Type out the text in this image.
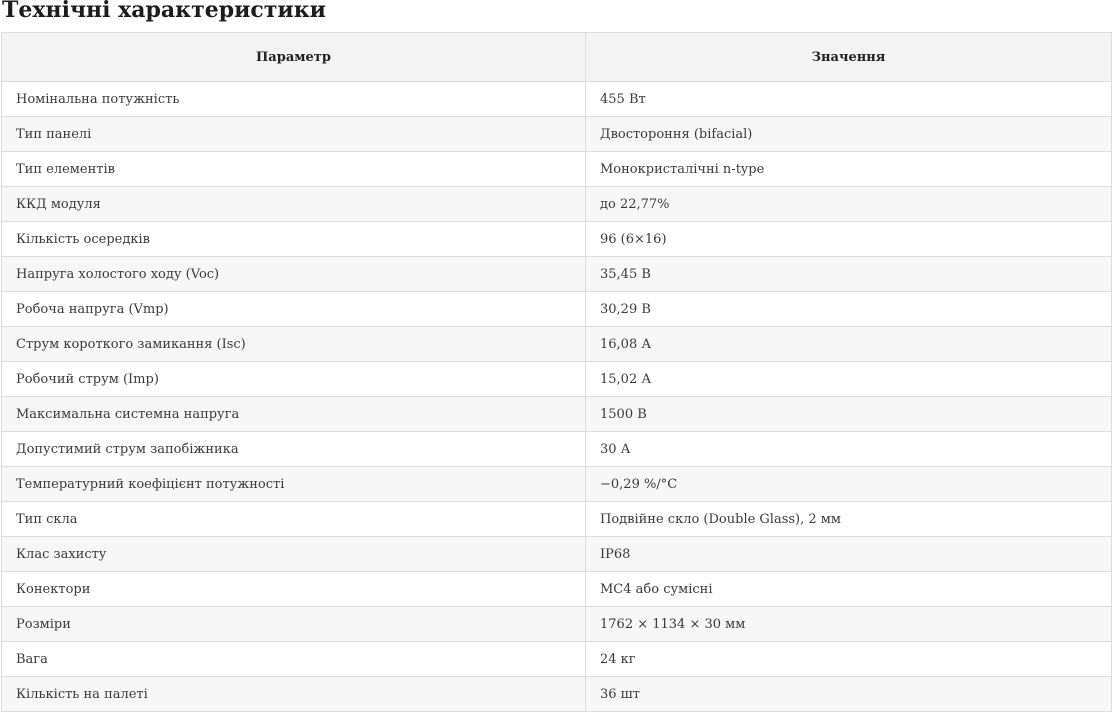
Технічні характеристики
Параметр	Значення
Номінальна потужність	455 Вт
Тип панелі	Двостороння (bifacial)
Тип елементів	Монокристалічні n-type
ККД модуля	до 22,77%
Кількість осередків	96 (6×16)
Напруга холостого ходу (Voc)	35,45 В
Робоча напруга (Vmp)	30,29 В
Струм короткого замикання (Isc)	16,08 А
Робочий струм (Imp)	15,02 А
Максимальна системна напруга	1500 В
Допустимий струм запобіжника	30 А
Температурний коефіцієнт потужності	−0,29 %/°C
Тип скла	Подвійне скло (Double Glass), 2 мм
Клас захисту	IP68
Конектори	MC4 або сумісні
Розміри	1762 × 1134 × 30 мм
Вага	24 кг
Кількість на палеті	36 шт
